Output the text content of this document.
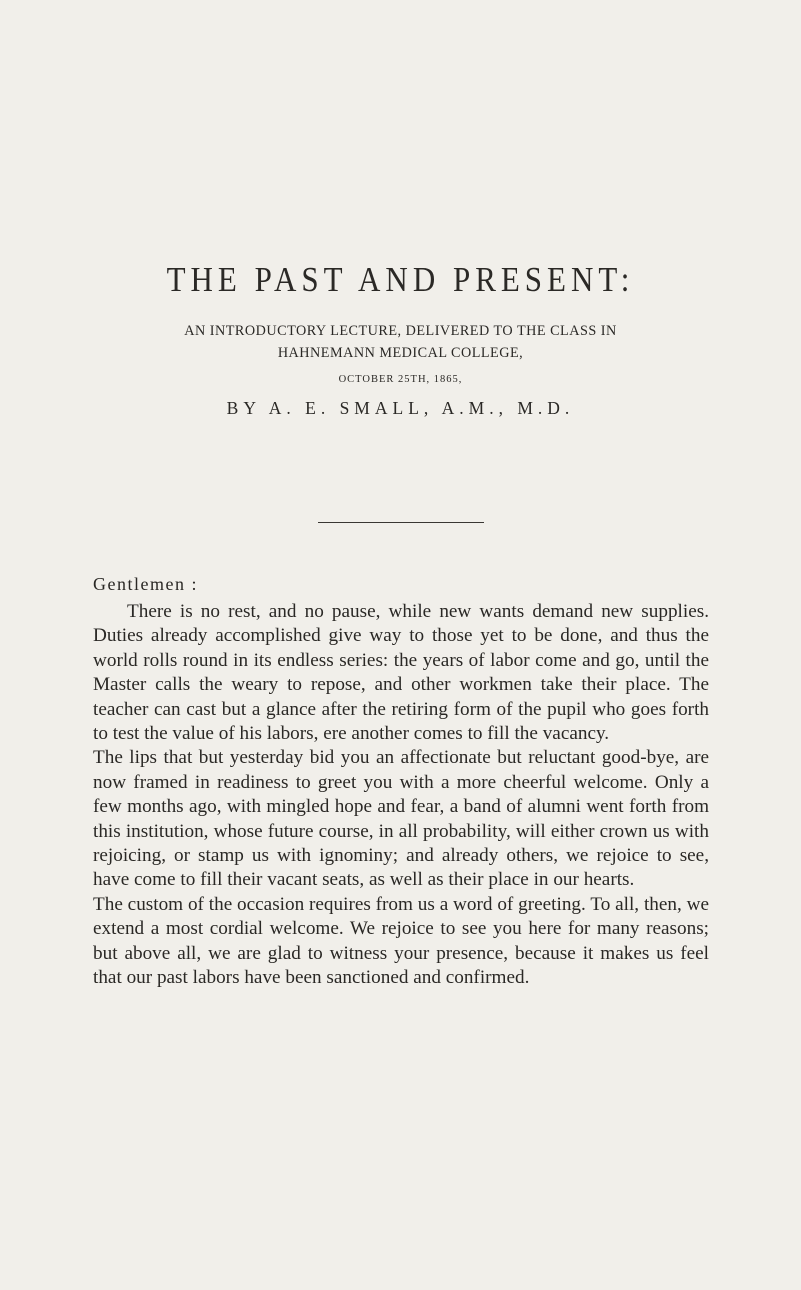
THE PAST AND PRESENT:
AN INTRODUCTORY LECTURE, DELIVERED TO THE CLASS IN
HAHNEMANN MEDICAL COLLEGE,
OCTOBER 25TH, 1865,
BY A. E. SMALL, A.M., M.D.
Gentlemen :

There is no rest, and no pause, while new wants demand new supplies. Duties already accomplished give way to those yet to be done, and thus the world rolls round in its endless series: the years of labor come and go, until the Master calls the weary to repose, and other workmen take their place. The teacher can cast but a glance after the retiring form of the pupil who goes forth to test the value of his labors, ere another comes to fill the vacancy.

The lips that but yesterday bid you an affectionate but reluctant good-bye, are now framed in readiness to greet you with a more cheerful welcome. Only a few months ago, with mingled hope and fear, a band of alumni went forth from this institution, whose future course, in all probability, will either crown us with rejoicing, or stamp us with ignominy; and already others, we rejoice to see, have come to fill their vacant seats, as well as their place in our hearts.

The custom of the occasion requires from us a word of greeting. To all, then, we extend a most cordial welcome. We rejoice to see you here for many reasons; but above all, we are glad to witness your presence, because it makes us feel that our past labors have been sanctioned and confirmed.
